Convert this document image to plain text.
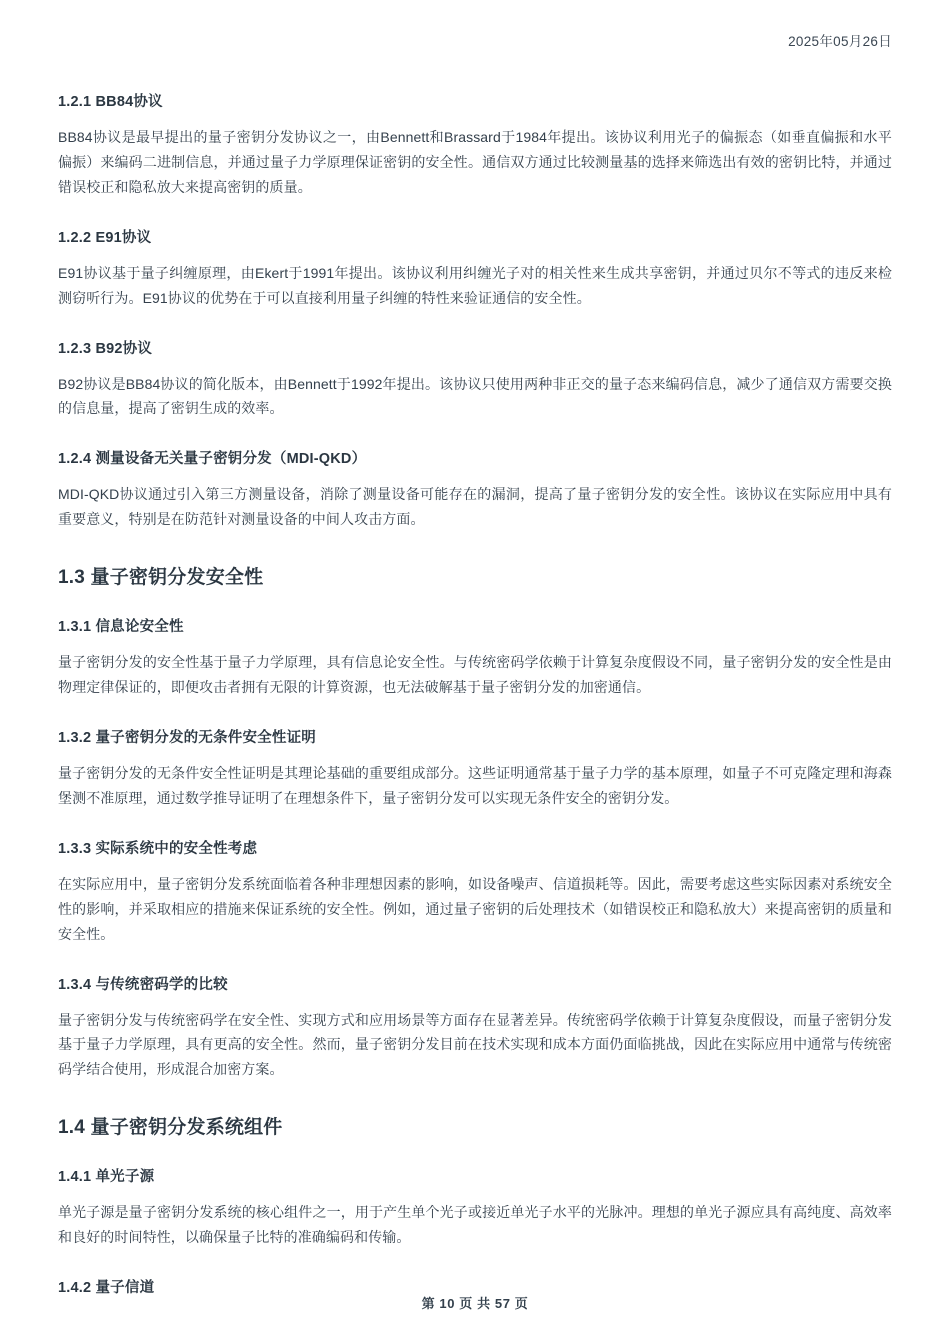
2025年05月26日
1.2.1 BB84协议

BB84协议是最早提出的量子密钥分发协议之一，由Bennett和Brassard于1984年提出。该协议利用光子的偏振态（如垂直偏振和水平偏振）来编码二进制信息，并通过量子力学原理保证密钥的安全性。通信双方通过比较测量基的选择来筛选出有效的密钥比特，并通过错误校正和隐私放大来提高密钥的质量。

1.2.2 E91协议

E91协议基于量子纠缠原理，由Ekert于1991年提出。该协议利用纠缠光子对的相关性来生成共享密钥，并通过贝尔不等式的违反来检测窃听行为。E91协议的优势在于可以直接利用量子纠缠的特性来验证通信的安全性。

1.2.3 B92协议

B92协议是BB84协议的简化版本，由Bennett于1992年提出。该协议只使用两种非正交的量子态来编码信息，减少了通信双方需要交换的信息量，提高了密钥生成的效率。

1.2.4 测量设备无关量子密钥分发（MDI-QKD）

MDI-QKD协议通过引入第三方测量设备，消除了测量设备可能存在的漏洞，提高了量子密钥分发的安全性。该协议在实际应用中具有重要意义，特别是在防范针对测量设备的中间人攻击方面。

1.3 量子密钥分发安全性
1.3.1 信息论安全性

量子密钥分发的安全性基于量子力学原理，具有信息论安全性。与传统密码学依赖于计算复杂度假设不同，量子密钥分发的安全性是由物理定律保证的，即便攻击者拥有无限的计算资源，也无法破解基于量子密钥分发的加密通信。

1.3.2 量子密钥分发的无条件安全性证明

量子密钥分发的无条件安全性证明是其理论基础的重要组成部分。这些证明通常基于量子力学的基本原理，如量子不可克隆定理和海森堡测不准原理，通过数学推导证明了在理想条件下，量子密钥分发可以实现无条件安全的密钥分发。

1.3.3 实际系统中的安全性考虑

在实际应用中，量子密钥分发系统面临着各种非理想因素的影响，如设备噪声、信道损耗等。因此，需要考虑这些实际因素对系统安全性的影响，并采取相应的措施来保证系统的安全性。例如，通过量子密钥的后处理技术（如错误校正和隐私放大）来提高密钥的质量和安全性。

1.3.4 与传统密码学的比较

量子密钥分发与传统密码学在安全性、实现方式和应用场景等方面存在显著差异。传统密码学依赖于计算复杂度假设，而量子密钥分发基于量子力学原理，具有更高的安全性。然而，量子密钥分发目前在技术实现和成本方面仍面临挑战，因此在实际应用中通常与传统密码学结合使用，形成混合加密方案。

1.4 量子密钥分发系统组件
1.4.1 单光子源

单光子源是量子密钥分发系统的核心组件之一，用于产生单个光子或接近单光子水平的光脉冲。理想的单光子源应具有高纯度、高效率和良好的时间特性，以确保量子比特的准确编码和传输。

1.4.2 量子信道
第 10 页 共 57 页
